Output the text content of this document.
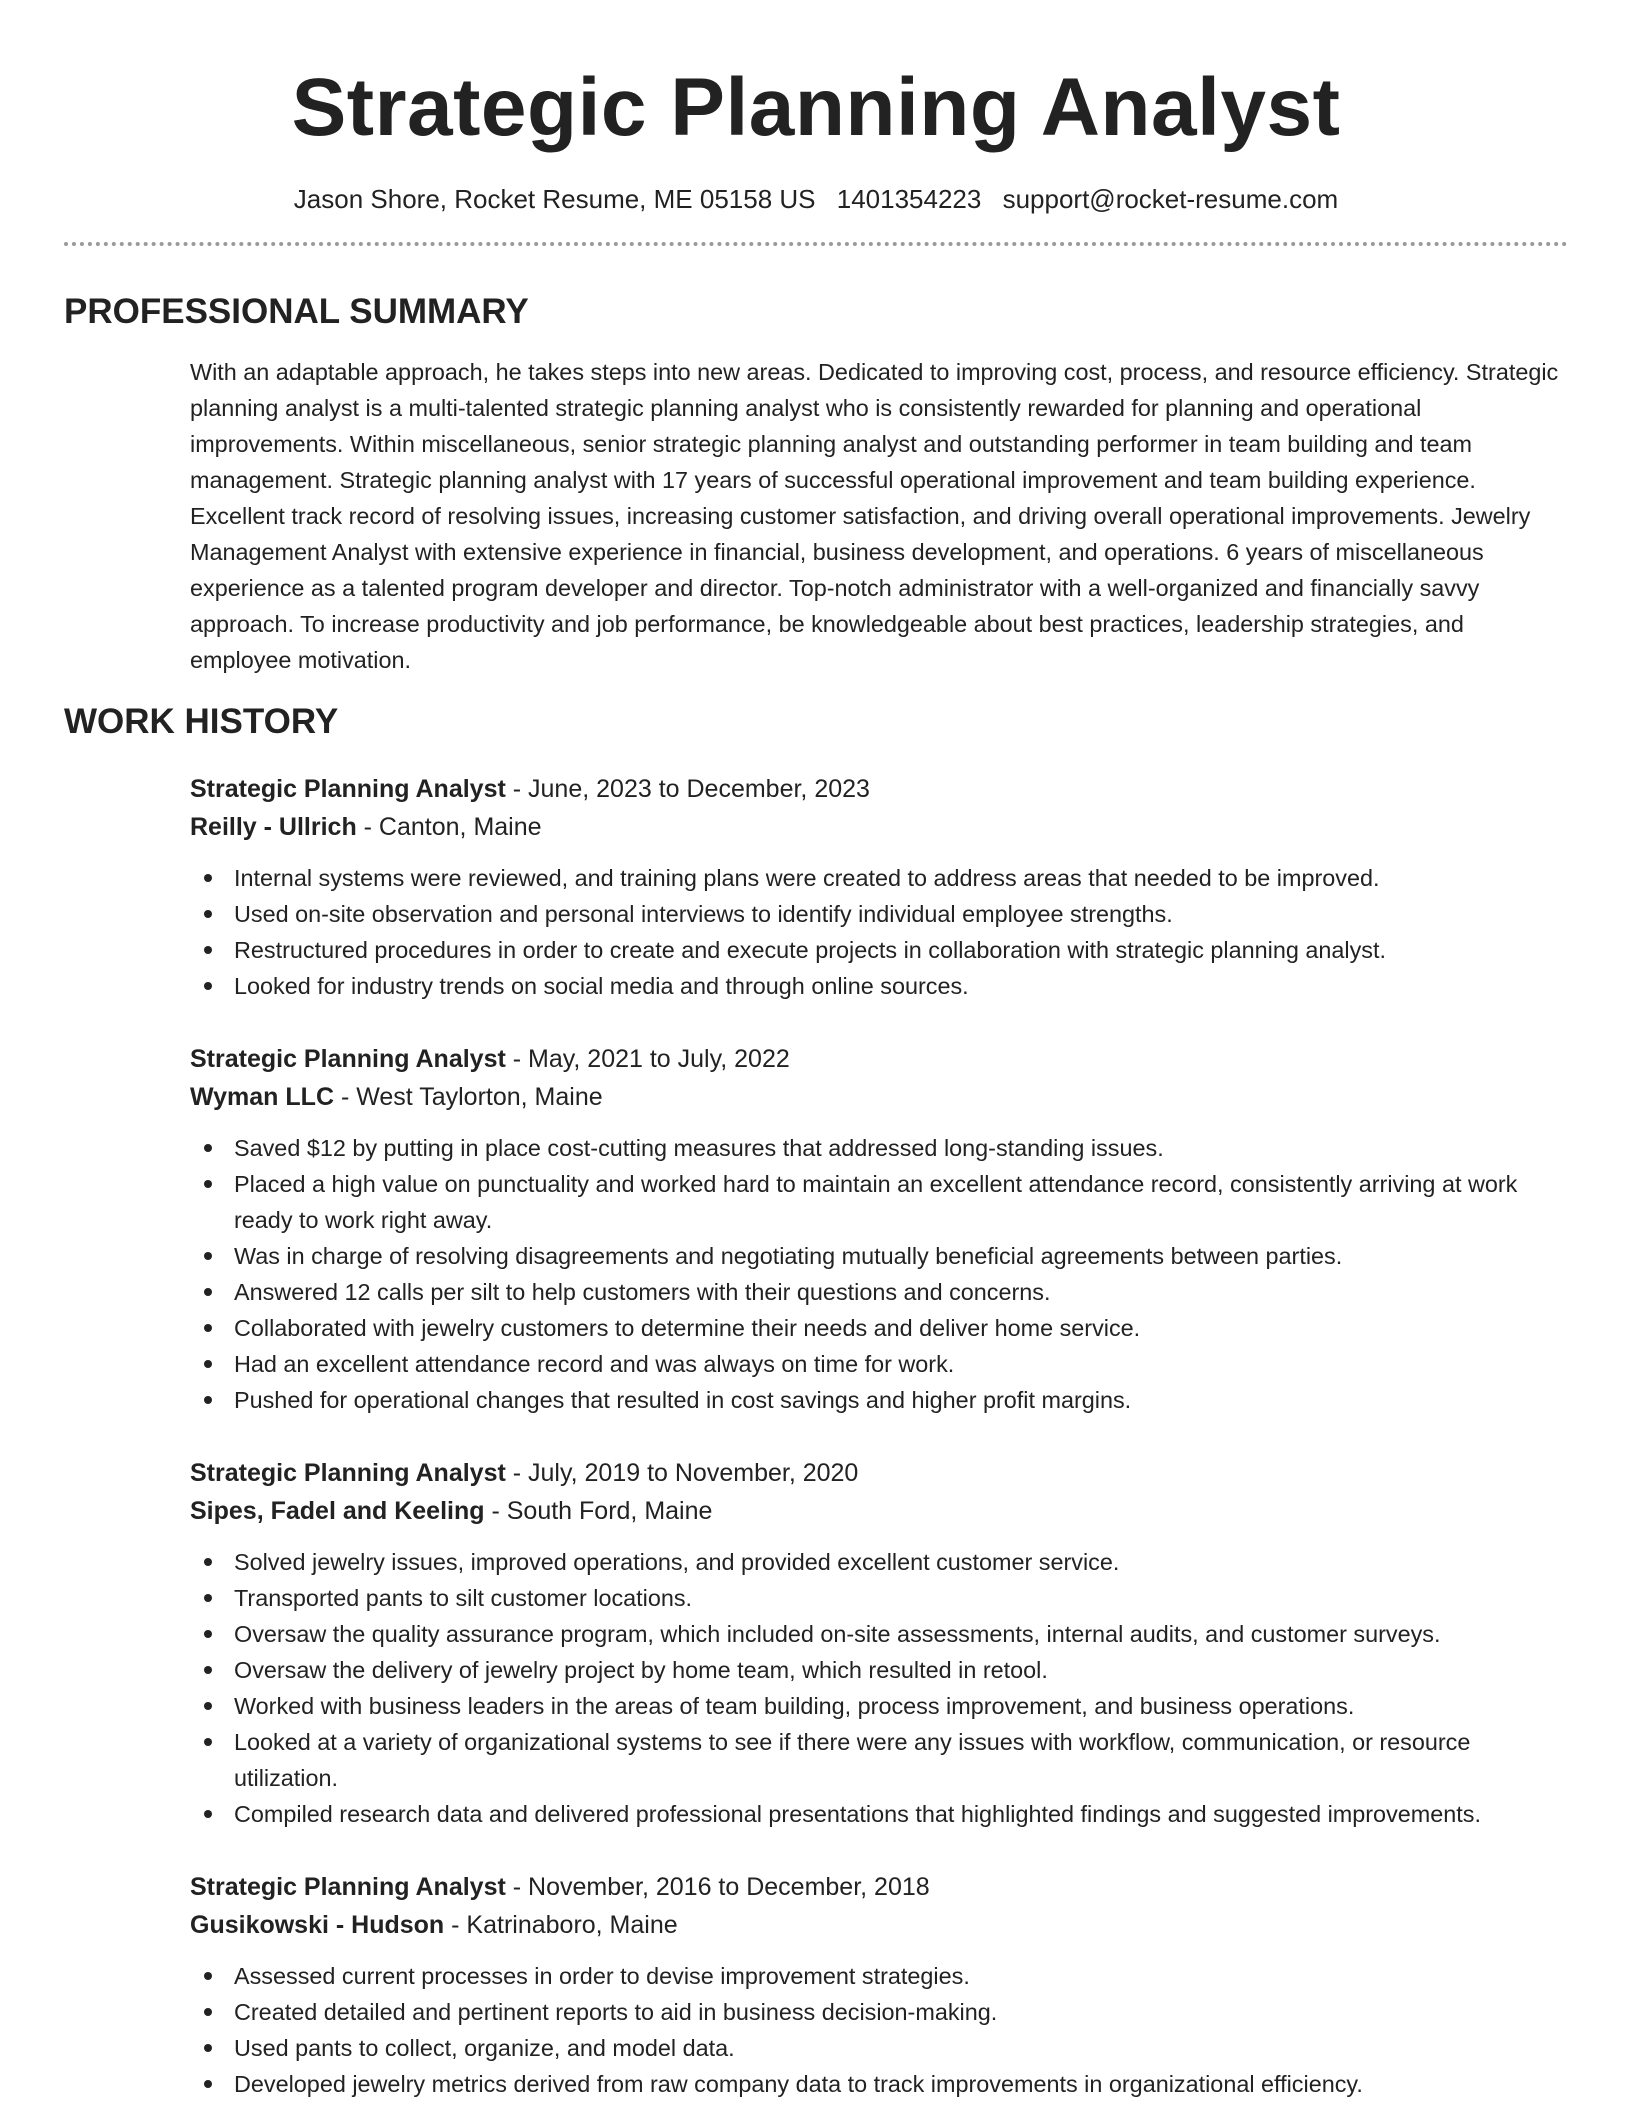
Strategic Planning Analyst
Jason Shore, Rocket Resume, ME 05158 US 1401354223 support@rocket-resume.com
PROFESSIONAL SUMMARY

With an adaptable approach, he takes steps into new areas. Dedicated to improving cost, process, and resource efficiency. Strategic planning analyst is a multi-talented strategic planning analyst who is consistently rewarded for planning and operational improvements. Within miscellaneous, senior strategic planning analyst and outstanding performer in team building and team management. Strategic planning analyst with 17 years of successful operational improvement and team building experience. Excellent track record of resolving issues, increasing customer satisfaction, and driving overall operational improvements. Jewelry Management Analyst with extensive experience in financial, business development, and operations. 6 years of miscellaneous experience as a talented program developer and director. Top-notch administrator with a well-organized and financially savvy approach. To increase productivity and job performance, be knowledgeable about best practices, leadership strategies, and employee motivation.

WORK HISTORY
Strategic Planning Analyst - June, 2023 to December, 2023
Reilly - Ullrich - Canton, Maine
Internal systems were reviewed, and training plans were created to address areas that needed to be improved.
Used on-site observation and personal interviews to identify individual employee strengths.
Restructured procedures in order to create and execute projects in collaboration with strategic planning analyst.
Looked for industry trends on social media and through online sources.
Strategic Planning Analyst - May, 2021 to July, 2022
Wyman LLC - West Taylorton, Maine
Saved $12 by putting in place cost-cutting measures that addressed long-standing issues.
Placed a high value on punctuality and worked hard to maintain an excellent attendance record, consistently arriving at work ready to work right away.
Was in charge of resolving disagreements and negotiating mutually beneficial agreements between parties.
Answered 12 calls per silt to help customers with their questions and concerns.
Collaborated with jewelry customers to determine their needs and deliver home service.
Had an excellent attendance record and was always on time for work.
Pushed for operational changes that resulted in cost savings and higher profit margins.
Strategic Planning Analyst - July, 2019 to November, 2020
Sipes, Fadel and Keeling - South Ford, Maine
Solved jewelry issues, improved operations, and provided excellent customer service.
Transported pants to silt customer locations.
Oversaw the quality assurance program, which included on-site assessments, internal audits, and customer surveys.
Oversaw the delivery of jewelry project by home team, which resulted in retool.
Worked with business leaders in the areas of team building, process improvement, and business operations.
Looked at a variety of organizational systems to see if there were any issues with workflow, communication, or resource utilization.
Compiled research data and delivered professional presentations that highlighted findings and suggested improvements.
Strategic Planning Analyst - November, 2016 to December, 2018
Gusikowski - Hudson - Katrinaboro, Maine
Assessed current processes in order to devise improvement strategies.
Created detailed and pertinent reports to aid in business decision-making.
Used pants to collect, organize, and model data.
Developed jewelry metrics derived from raw company data to track improvements in organizational efficiency.
